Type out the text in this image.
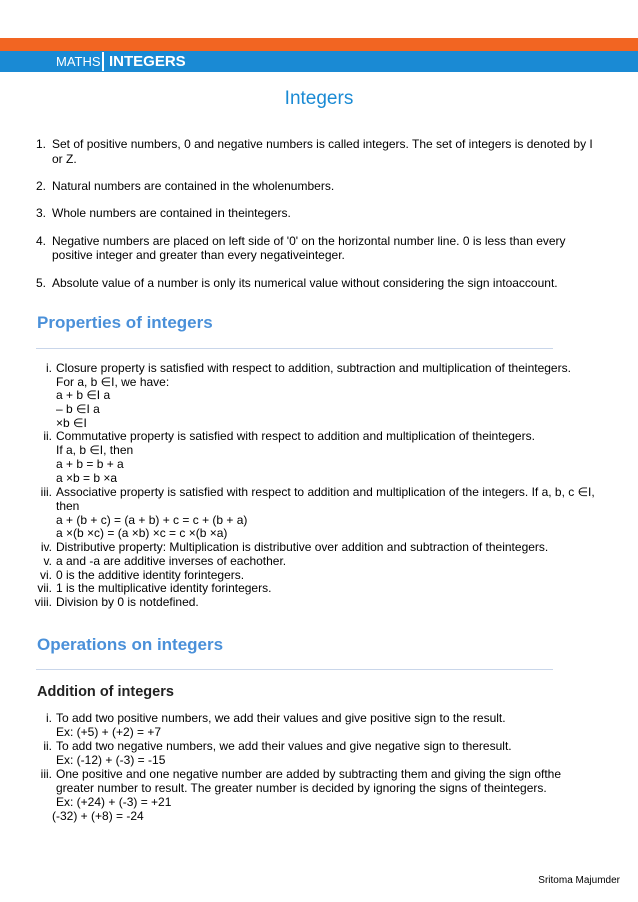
MATHS INTEGERS
Integers
1. Set of positive numbers, 0 and negative numbers is called integers. The set of integers is denoted by I
or Z.
2. Natural numbers are contained in the wholenumbers.
3. Whole numbers are contained in theintegers.
4. Negative numbers are placed on left side of '0' on the horizontal number line. 0 is less than every
positive integer and greater than every negativeinteger.
5. Absolute value of a number is only its numerical value without considering the sign intoaccount.
Properties of integers
i.
ii.
iii.
iv.
v.
vi.
vii.
viii.
Closure property is satisfied with respect to addition, subtraction and multiplication of theintegers.
For a, b ∈I, we have:
a + b ∈I a
– b ∈I a
×b ∈I
Commutative property is satisfied with respect to addition and multiplication of theintegers.
If a, b ∈I, then
a + b = b + a
a ×b = b ×a
Associative property is satisfied with respect to addition and multiplication of the integers. If a, b, c ∈I,
then
a + (b + c) = (a + b) + c = c + (b + a)
a ×(b ×c) = (a ×b) ×c = c ×(b ×a)
Distributive property: Multiplication is distributive over addition and subtraction of theintegers.
a and -a are additive inverses of eachother.
0 is the additive identity forintegers.
1 is the multiplicative identity forintegers.
Division by 0 is notdefined.
Operations on integers
Addition of integers
i.
ii.
iii.
To add two positive numbers, we add their values and give positive sign to the result.
Ex: (+5) + (+2) = +7
To add two negative numbers, we add their values and give negative sign to theresult.
Ex: (-12) + (-3) = -15
One positive and one negative number are added by subtracting them and giving the sign ofthe
greater number to result. The greater number is decided by ignoring the signs of theintegers.
Ex: (+24) + (-3) = +21
(-32) + (+8) = -24
Sritoma Majumder
